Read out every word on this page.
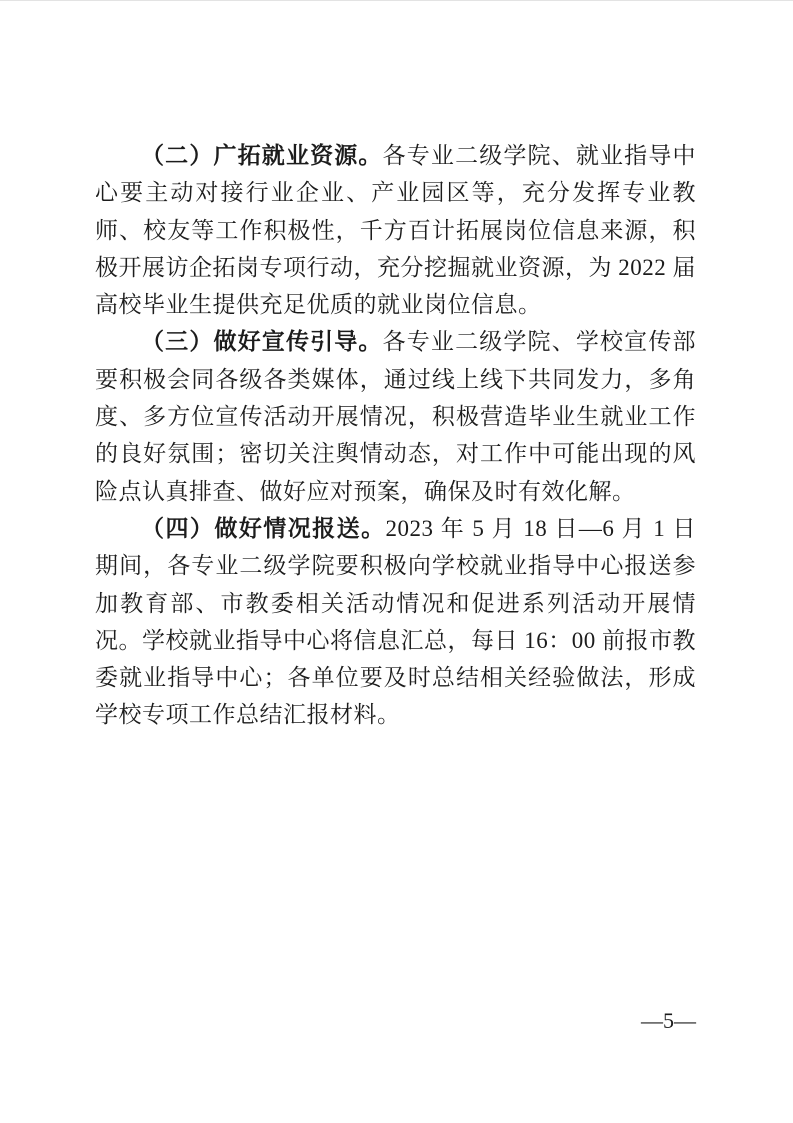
（二）广拓就业资源。各专业二级学院、就业指导中心要主动对接行业企业、产业园区等，充分发挥专业教师、校友等工作积极性，千方百计拓展岗位信息来源，积极开展访企拓岗专项行动，充分挖掘就业资源，为 2022 届高校毕业生提供充足优质的就业岗位信息。

（三）做好宣传引导。各专业二级学院、学校宣传部要积极会同各级各类媒体，通过线上线下共同发力，多角度、多方位宣传活动开展情况，积极营造毕业生就业工作的良好氛围；密切关注舆情动态，对工作中可能出现的风险点认真排查、做好应对预案，确保及时有效化解。

（四）做好情况报送。2023 年 5 月 18 日—6 月 1 日期间，各专业二级学院要积极向学校就业指导中心报送参加教育部、市教委相关活动情况和促进系列活动开展情况。学校就业指导中心将信息汇总，每日 16：00 前报市教委就业指导中心；各单位要及时总结相关经验做法，形成学校专项工作总结汇报材料。

—5—
